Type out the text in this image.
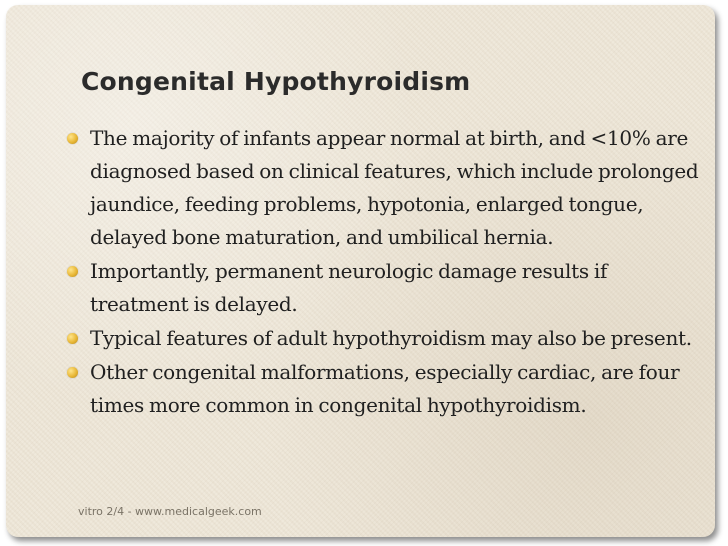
Congenital Hypothyroidism
The majority of infants appear normal at birth, and <10% are diagnosed based on clinical features, which include prolonged jaundice, feeding problems, hypotonia, enlarged tongue, delayed bone maturation, and umbilical hernia.
Importantly, permanent neurologic damage results if treatment is delayed.
Typical features of adult hypothyroidism may also be present.
Other congenital malformations, especially cardiac, are four times more common in congenital hypothyroidism.
vitro 2/4 - www.medicalgeek.com
